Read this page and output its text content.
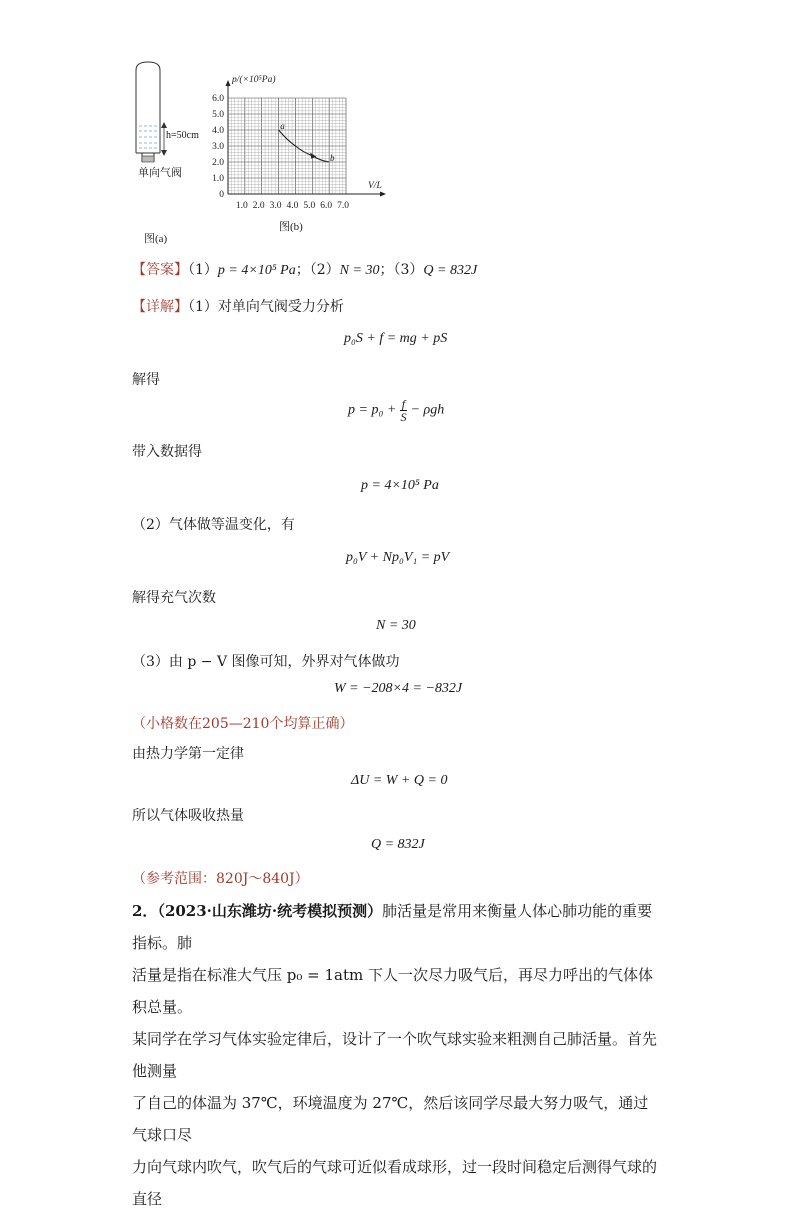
h=50cm
单向气阀
图(a)
6.0
5.0
4.0
3.0
2.0
1.0
0
1.0 2.0 3.0 4.0 5.0 6.0 7.0
p/(×10⁵Pa)
V/L
a
b
图(b)
【答案】（1）p = 4×10⁵ Pa；（2）N = 30；（3）Q = 832J
【详解】（1）对单向气阀受力分析
p₀S + f = mg + pS
解得
$p = p_0 + \frac{f}{S} - \rho gh$
带入数据得
p = 4×10⁵ Pa
（2）气体做等温变化，有
p₀V + Np₀V₁ = pV
解得充气次数
N = 30
（3）由 p − V 图像可知，外界对气体做功
W = −208×4 = −832J
（小格数在205—210个均算正确）
由热力学第一定律
ΔU = W + Q = 0
所以气体吸收热量
Q = 832J
（参考范围：820J～840J）
2．（2023·山东潍坊·统考模拟预测）肺活量是常用来衡量人体心肺功能的重要指标。肺
活量是指在标准大气压 p₀ = 1atm 下人一次尽力吸气后，再尽力呼出的气体体积总量。
某同学在学习气体实验定律后，设计了一个吹气球实验来粗测自己肺活量。首先他测量
了自己的体温为 37℃，环境温度为 27℃，然后该同学尽最大努力吸气，通过气球口尽
力向气球内吹气，吹气后的气球可近似看成球形，过一段时间稳定后测得气球的直径
